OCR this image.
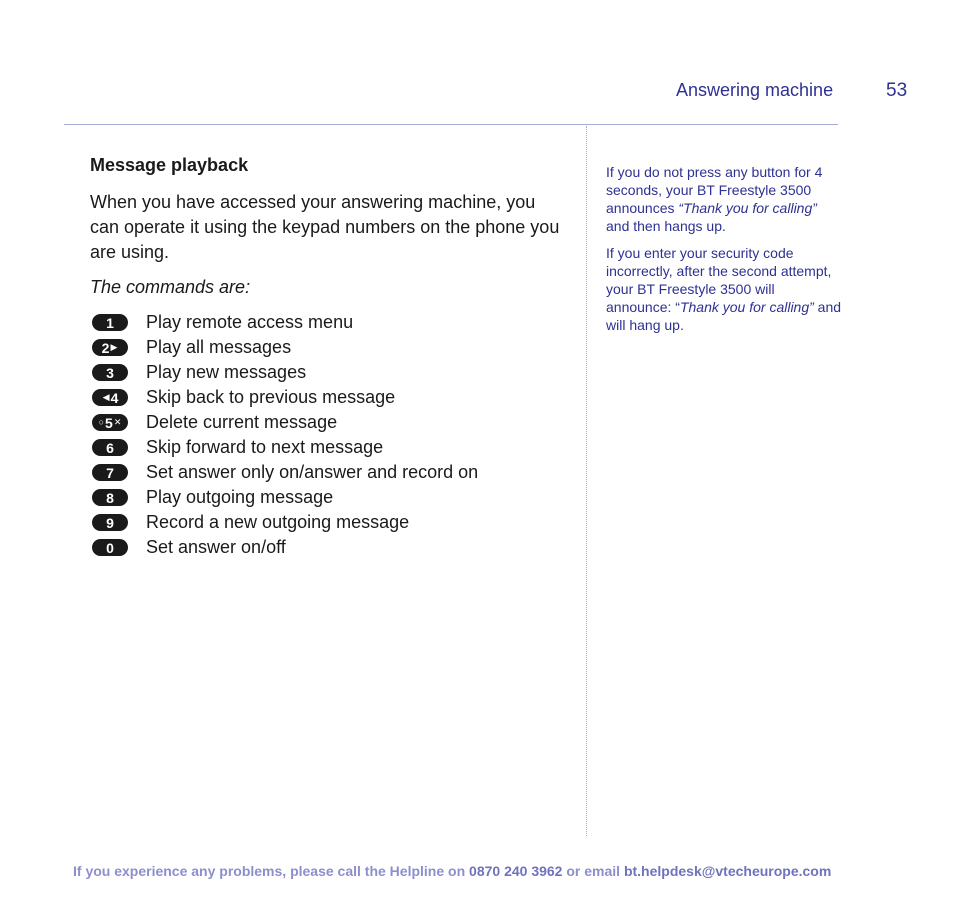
Answering machine	53
Message playback

When you have accessed your answering machine, you can operate it using the keypad numbers on the phone you are using.

The commands are:

1 Play remote access menu
2 ▶ Play all messages
3 Play new messages
◀ 4 Skip back to previous message
○ 5 ✕ Delete current message
6 Skip forward to next message
7 Set answer only on/answer and record on
8 Play outgoing message
9 Record a new outgoing message
0 Set answer on/off

If you do not press any button for 4 seconds, your BT Freestyle 3500 announces “Thank you for calling” and then hangs up.

If you enter your security code incorrectly, after the second attempt, your BT Freestyle 3500 will announce: “Thank you for calling” and will hang up.

If you experience any problems, please call the Helpline on 0870 240 3962 or email bt.helpdesk@vtecheurope.com
